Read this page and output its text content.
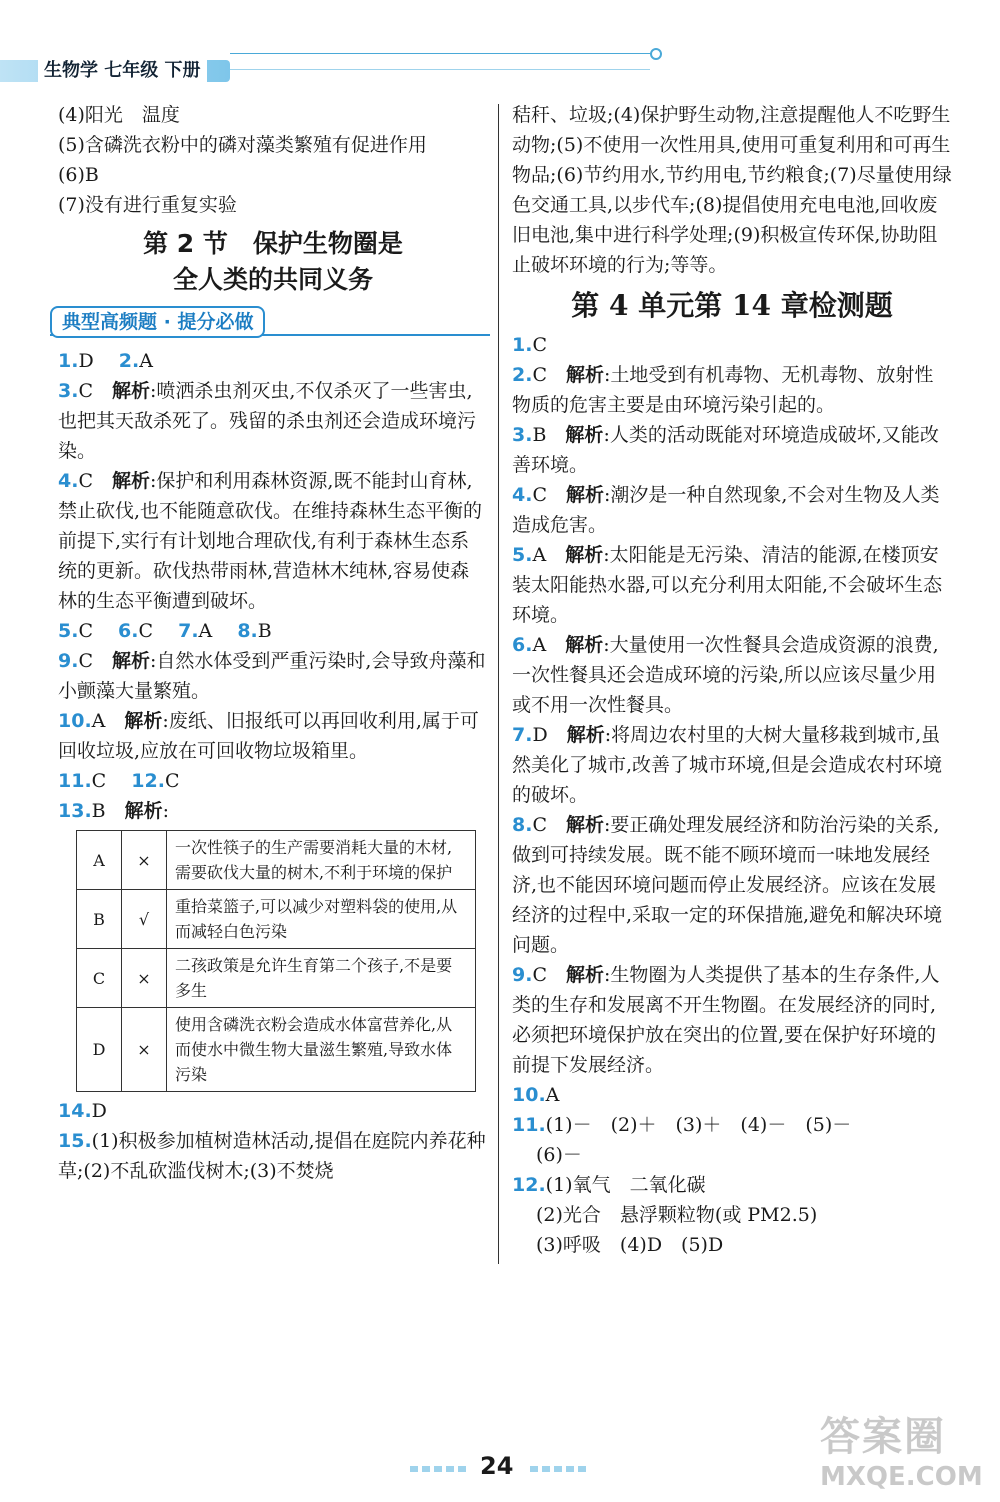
生物学 七年级 下册

(4)阳光　温度

(5)含磷洗衣粉中的磷对藻类繁殖有促进作用

(6)B

(7)没有进行重复实验

第 2 节　保护生物圈是
全人类的共同义务
典型高频题 · 提分必做

1.D　 2.A

3.C　解析:喷洒杀虫剂灭虫,不仅杀灭了一些害虫,也把其天敌杀死了。残留的杀虫剂还会造成环境污染。

4.C　解析:保护和利用森林资源,既不能封山育林,禁止砍伐,也不能随意砍伐。在维持森林生态平衡的前提下,实行有计划地合理砍伐,有利于森林生态系统的更新。砍伐热带雨林,营造林木纯林,容易使森林的生态平衡遭到破坏。

5.C　 6.C　 7.A　 8.B

9.C　解析:自然水体受到严重污染时,会导致舟藻和小颤藻大量繁殖。

10.A　解析:废纸、旧报纸可以再回收利用,属于可回收垃圾,应放在可回收物垃圾箱里。

11.C　 12.C

13.B　解析:

A	×	一次性筷子的生产需要消耗大量的木材,需要砍伐大量的树木,不利于环境的保护
B	√	重拾菜篮子,可以减少对塑料袋的使用,从而减轻白色污染
C	×	二孩政策是允许生育第二个孩子,不是要多生
D	×	使用含磷洗衣粉会造成水体富营养化,从而使水中微生物大量滋生繁殖,导致水体污染

14.D

15.(1)积极参加植树造林活动,提倡在庭院内养花种草;(2)不乱砍滥伐树木;(3)不焚烧

秸秆、垃圾;(4)保护野生动物,注意提醒他人不吃野生动物;(5)不使用一次性用具,使用可重复利用和可再生物品;(6)节约用水,节约用电,节约粮食;(7)尽量使用绿色交通工具,以步代车;(8)提倡使用充电电池,回收废旧电池,集中进行科学处理;(9)积极宣传环保,协助阻止破坏环境的行为;等等。

第 4 单元第 14 章检测题

1.C

2.C　解析:土地受到有机毒物、无机毒物、放射性物质的危害主要是由环境污染引起的。

3.B　解析:人类的活动既能对环境造成破坏,又能改善环境。

4.C　解析:潮汐是一种自然现象,不会对生物及人类造成危害。

5.A　解析:太阳能是无污染、清洁的能源,在楼顶安装太阳能热水器,可以充分利用太阳能,不会破坏生态环境。

6.A　解析:大量使用一次性餐具会造成资源的浪费,一次性餐具还会造成环境的污染,所以应该尽量少用或不用一次性餐具。

7.D　解析:将周边农村里的大树大量移栽到城市,虽然美化了城市,改善了城市环境,但是会造成农村环境的破坏。

8.C　解析:要正确处理发展经济和防治污染的关系,做到可持续发展。既不能不顾环境而一味地发展经济,也不能因环境问题而停止发展经济。应该在发展经济的过程中,采取一定的环保措施,避免和解决环境问题。

9.C　解析:生物圈为人类提供了基本的生存条件,人类的生存和发展离不开生物圈。在发展经济的同时,必须把环境保护放在突出的位置,要在保护好环境的前提下发展经济。

10.A

11.(1)－　(2)＋　(3)＋　(4)－　(5)－

(6)－

12.(1)氧气　二氧化碳

(2)光合　悬浮颗粒物(或 PM2.5)

(3)呼吸　(4)D　(5)D

24
答案圈
MXQE.COM
